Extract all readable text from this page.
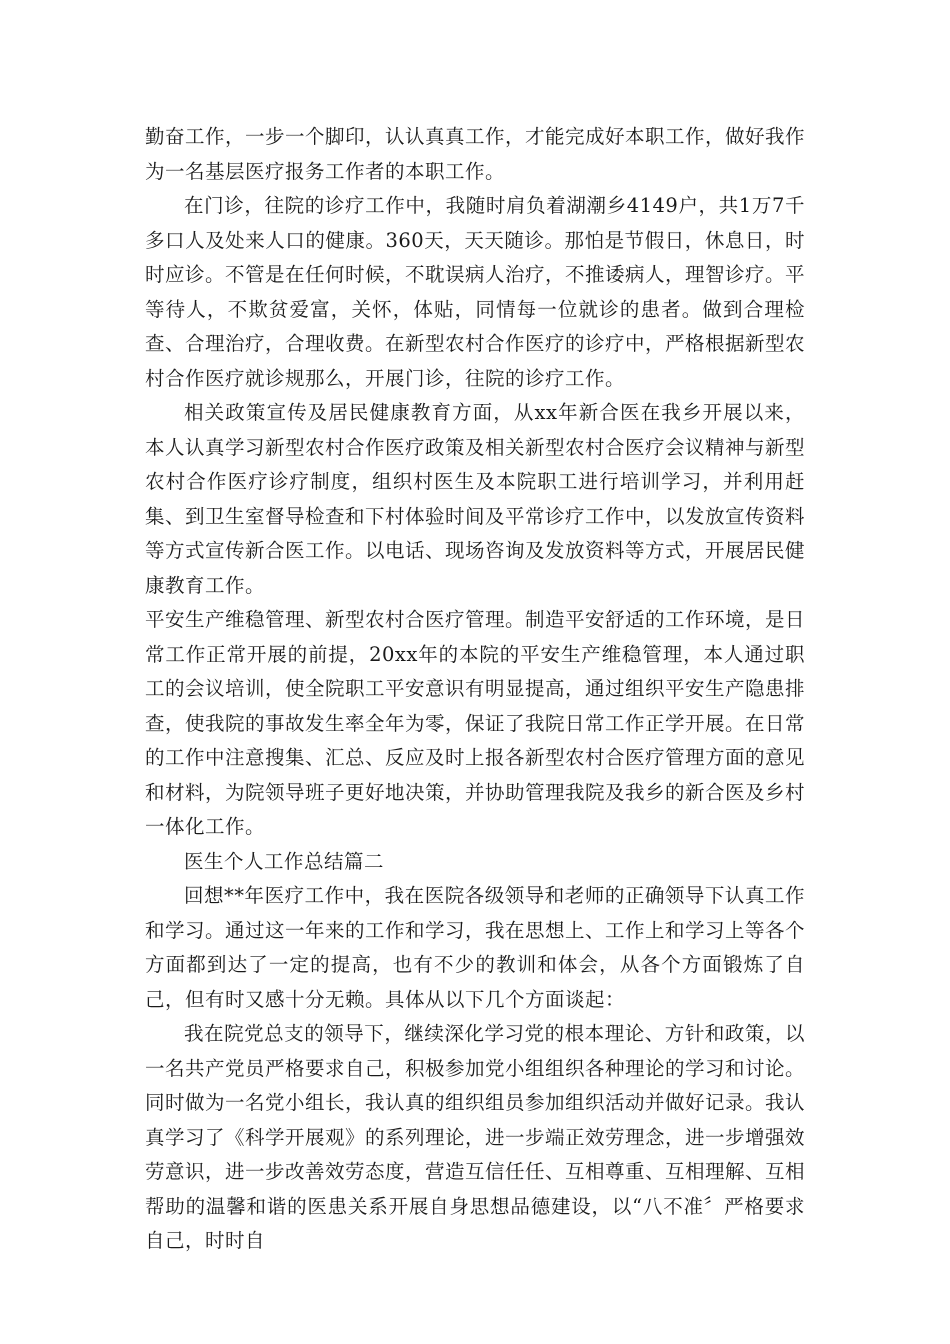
勤奋工作，一步一个脚印，认认真真工作，才能完成好本职工作，做好我作为一名基层医疗报务工作者的本职工作。

在门诊，往院的诊疗工作中，我随时肩负着湖潮乡4149户，共1万7千多口人及处来人口的健康。360天，天天随诊。那怕是节假日，休息日，时时应诊。不管是在任何时候，不耽误病人治疗，不推诿病人，理智诊疗。平等待人，不欺贫爱富，关怀，体贴，同情每一位就诊的患者。做到合理检查、合理治疗，合理收费。在新型农村合作医疗的诊疗中，严格根据新型农村合作医疗就诊规那么，开展门诊，往院的诊疗工作。

相关政策宣传及居民健康教育方面，从xx年新合医在我乡开展以来，本人认真学习新型农村合作医疗政策及相关新型农村合医疗会议精神与新型农村合作医疗诊疗制度，组织村医生及本院职工进行培训学习，并利用赶集、到卫生室督导检查和下村体验时间及平常诊疗工作中，以发放宣传资料等方式宣传新合医工作。以电话、现场咨询及发放资料等方式，开展居民健康教育工作。

平安生产维稳管理、新型农村合医疗管理。制造平安舒适的工作环境，是日常工作正常开展的前提，20xx年的本院的平安生产维稳管理，本人通过职工的会议培训，使全院职工平安意识有明显提高，通过组织平安生产隐患排查，使我院的事故发生率全年为零，保证了我院日常工作正学开展。在日常的工作中注意搜集、汇总、反应及时上报各新型农村合医疗管理方面的意见和材料，为院领导班子更好地决策，并协助管理我院及我乡的新合医及乡村一体化工作。

医生个人工作总结篇二

回想**年医疗工作中，我在医院各级领导和老师的正确领导下认真工作和学习。通过这一年来的工作和学习，我在思想上、工作上和学习上等各个方面都到达了一定的提高，也有不少的教训和体会，从各个方面锻炼了自己，但有时又感十分无赖。具体从以下几个方面谈起：

我在院党总支的领导下，继续深化学习党的根本理论、方针和政策，以一名共产党员严格要求自己，积极参加党小组组织各种理论的学习和讨论。同时做为一名党小组长，我认真的组织组员参加组织活动并做好记录。我认真学习了《科学开展观》的系列理论，进一步端正效劳理念，进一步增强效劳意识，进一步改善效劳态度，营造互信任任、互相尊重、互相理解、互相帮助的温馨和谐的医患关系开展自身思想品德建设，以“八不准〞严格要求自己，时时自
